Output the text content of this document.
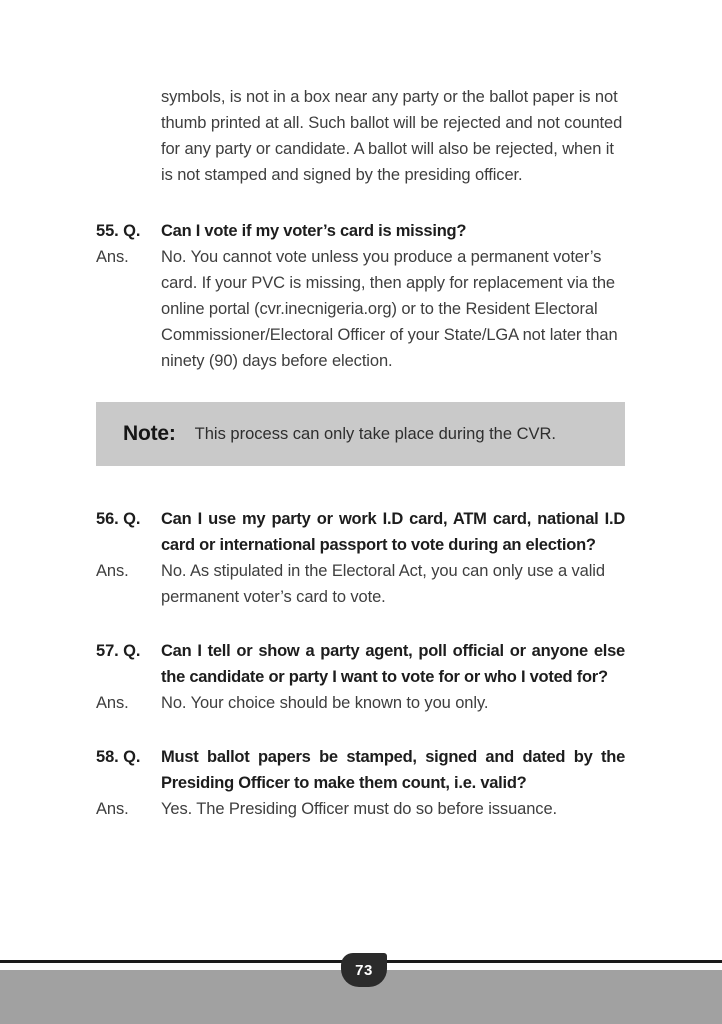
symbols, is not in a box near any party or the ballot paper is not thumb printed at all. Such ballot will be rejected and not counted for any party or candidate. A ballot will also be rejected, when it is not stamped and signed by the presiding officer.

55. Q.	Can I vote if my voter’s card is missing?
Ans.	No. You cannot vote unless you produce a permanent voter’s card. If your PVC is missing, then apply for replacement via the online portal (cvr.inecnigeria.org) or to the Resident Electoral Commissioner/Electoral Officer of your State/LGA not later than ninety (90) days before election.

Note: This process can only take place during the CVR.
56. Q.	Can I use my party or work I.D card, ATM card, national I.D card or international passport to vote during an election?
Ans.	No. As stipulated in the Electoral Act, you can only use a valid permanent voter’s card to vote.

57. Q.	Can I tell or show a party agent, poll official or anyone else the candidate or party I want to vote for or who I voted for?
Ans.	No. Your choice should be known to you only.

58. Q.	Must ballot papers be stamped, signed and dated by the Presiding Officer to make them count, i.e. valid?
Ans.	Yes. The Presiding Officer must do so before issuance.

73
